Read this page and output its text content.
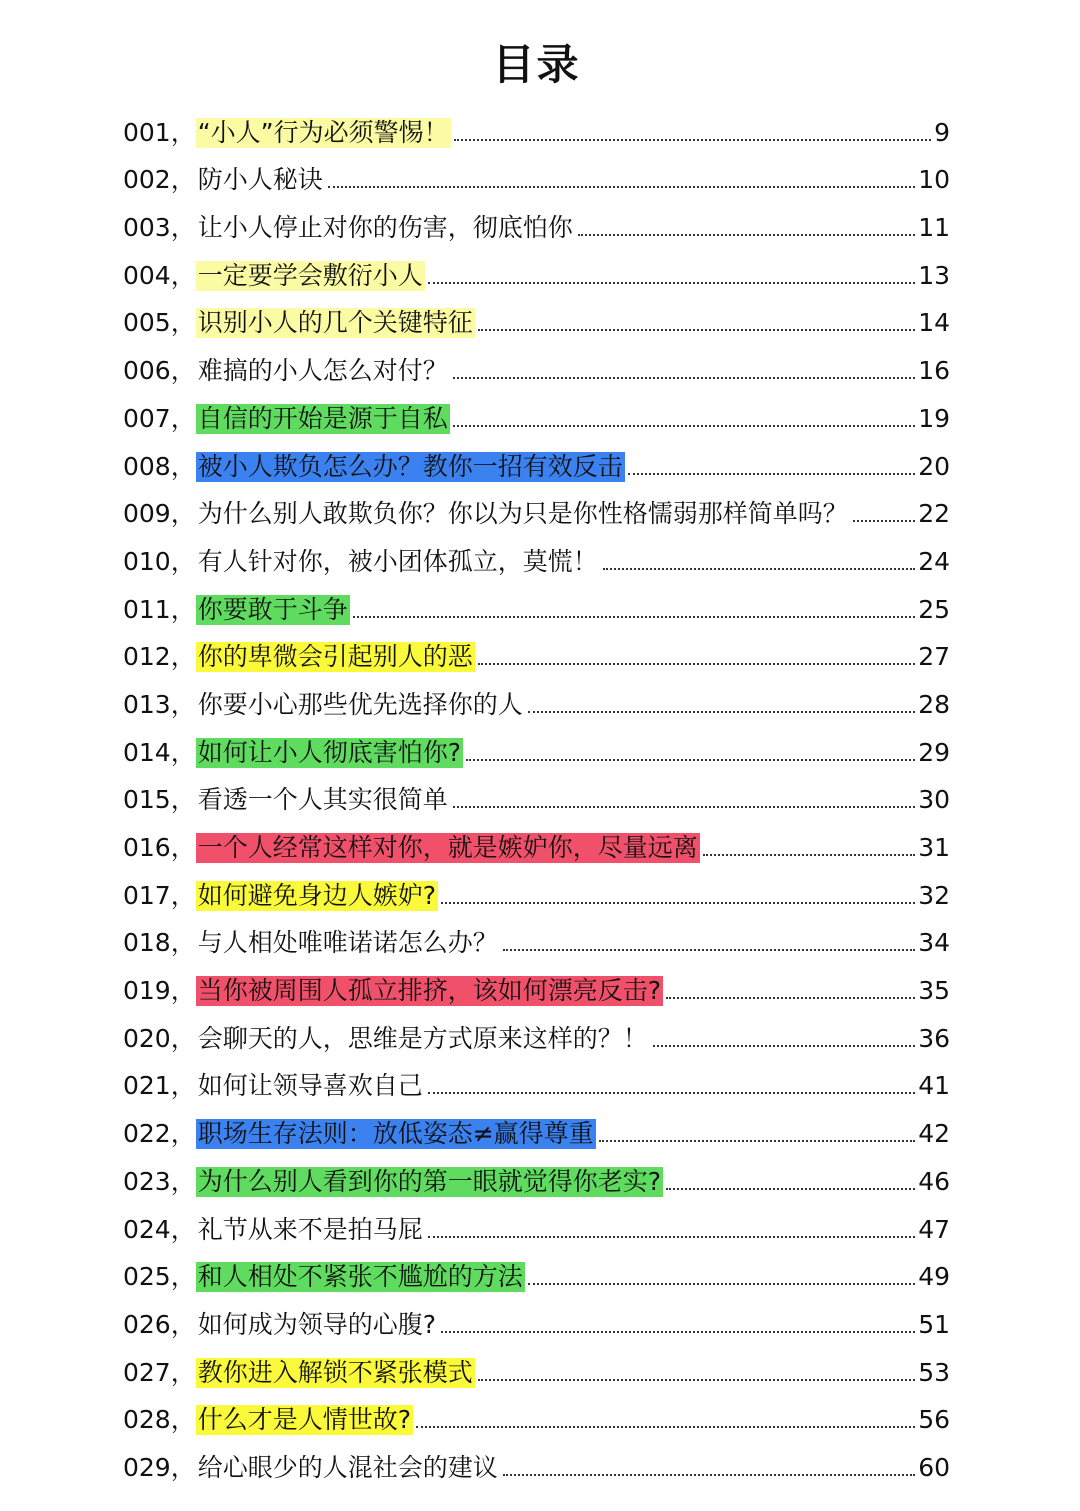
目录
001， “小人”行为必须警惕！	9
002， 防小人秘诀	10
003， 让小人停止对你的伤害，彻底怕你	11
004， 一定要学会敷衍小人	13
005， 识别小人的几个关键特征	14
006， 难搞的小人怎么对付？	16
007， 自信的开始是源于自私	19
008， 被小人欺负怎么办？教你一招有效反击	20
009， 为什么别人敢欺负你？你以为只是你性格懦弱那样简单吗？	22
010， 有人针对你，被小团体孤立，莫慌！	24
011， 你要敢于斗争	25
012， 你的卑微会引起别人的恶	27
013， 你要小心那些优先选择你的人	28
014， 如何让小人彻底害怕你?	29
015， 看透一个人其实很简单	30
016， 一个人经常这样对你，就是嫉妒你，尽量远离	31
017， 如何避免身边人嫉妒?	32
018， 与人相处唯唯诺诺怎么办？	34
019， 当你被周围人孤立排挤，该如何漂亮反击?	35
020， 会聊天的人，思维是方式原来这样的？！	36
021， 如何让领导喜欢自己	41
022， 职场生存法则：放低姿态≠赢得尊重	42
023， 为什么别人看到你的第一眼就觉得你老实?	46
024， 礼节从来不是拍马屁	47
025， 和人相处不紧张不尴尬的方法	49
026， 如何成为领导的心腹?	51
027， 教你进入解锁不紧张模式	53
028， 什么才是人情世故?	56
029， 给心眼少的人混社会的建议	60
